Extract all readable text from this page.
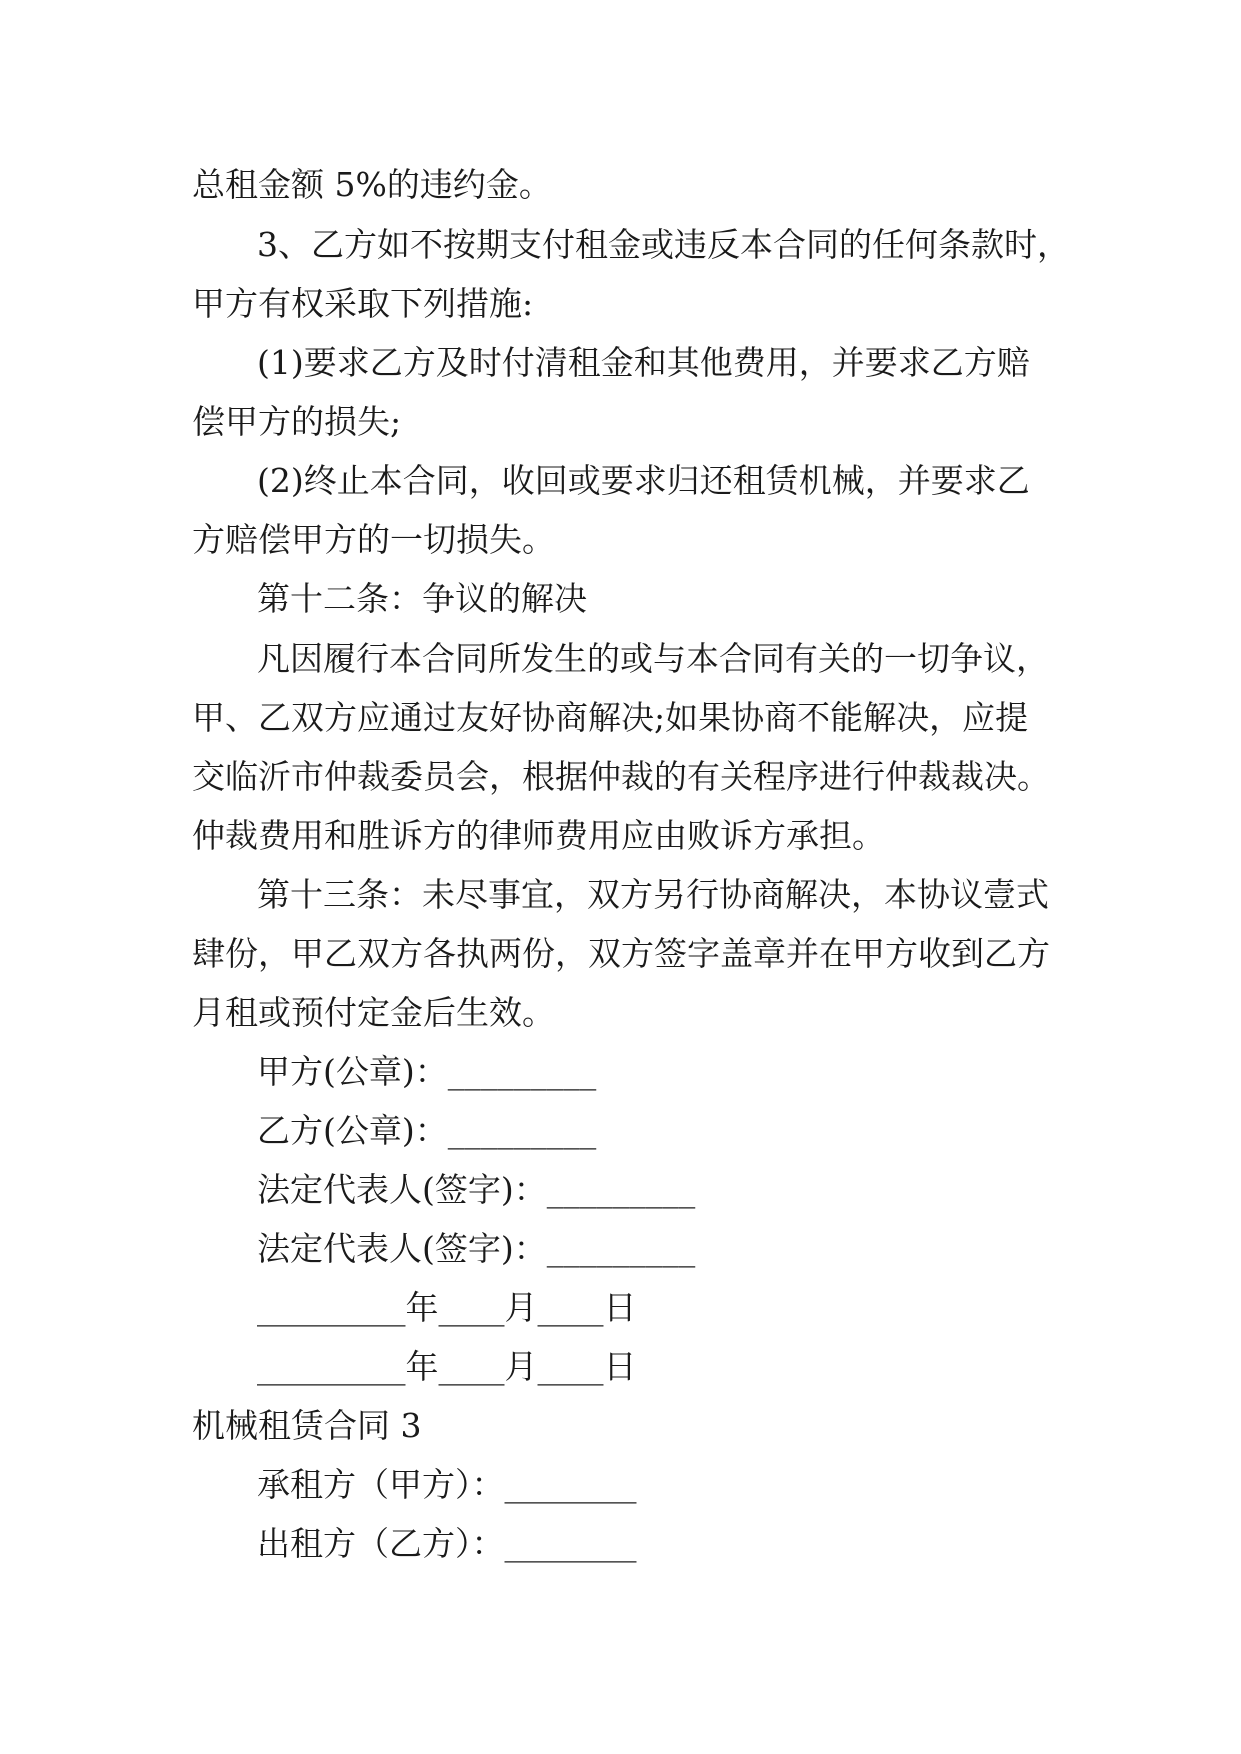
总租金额 5%的违约金。
3、乙方如不按期支付租金或违反本合同的任何条款时，
甲方有权采取下列措施:
(1)要求乙方及时付清租金和其他费用，并要求乙方赔
偿甲方的损失;
(2)终止本合同，收回或要求归还租赁机械，并要求乙
方赔偿甲方的一切损失。
第十二条：争议的解决
凡因履行本合同所发生的或与本合同有关的一切争议，
甲、乙双方应通过友好协商解决;如果协商不能解决，应提
交临沂市仲裁委员会，根据仲裁的有关程序进行仲裁裁决。
仲裁费用和胜诉方的律师费用应由败诉方承担。
第十三条：未尽事宜，双方另行协商解决，本协议壹式
肆份，甲乙双方各执两份，双方签字盖章并在甲方收到乙方
月租或预付定金后生效。
甲方(公章)：_________
乙方(公章)：_________
法定代表人(签字)：_________
法定代表人(签字)：_________
_________年____月____日
_________年____月____日
机械租赁合同 3
承租方（甲方）：________
出租方（乙方）：________
